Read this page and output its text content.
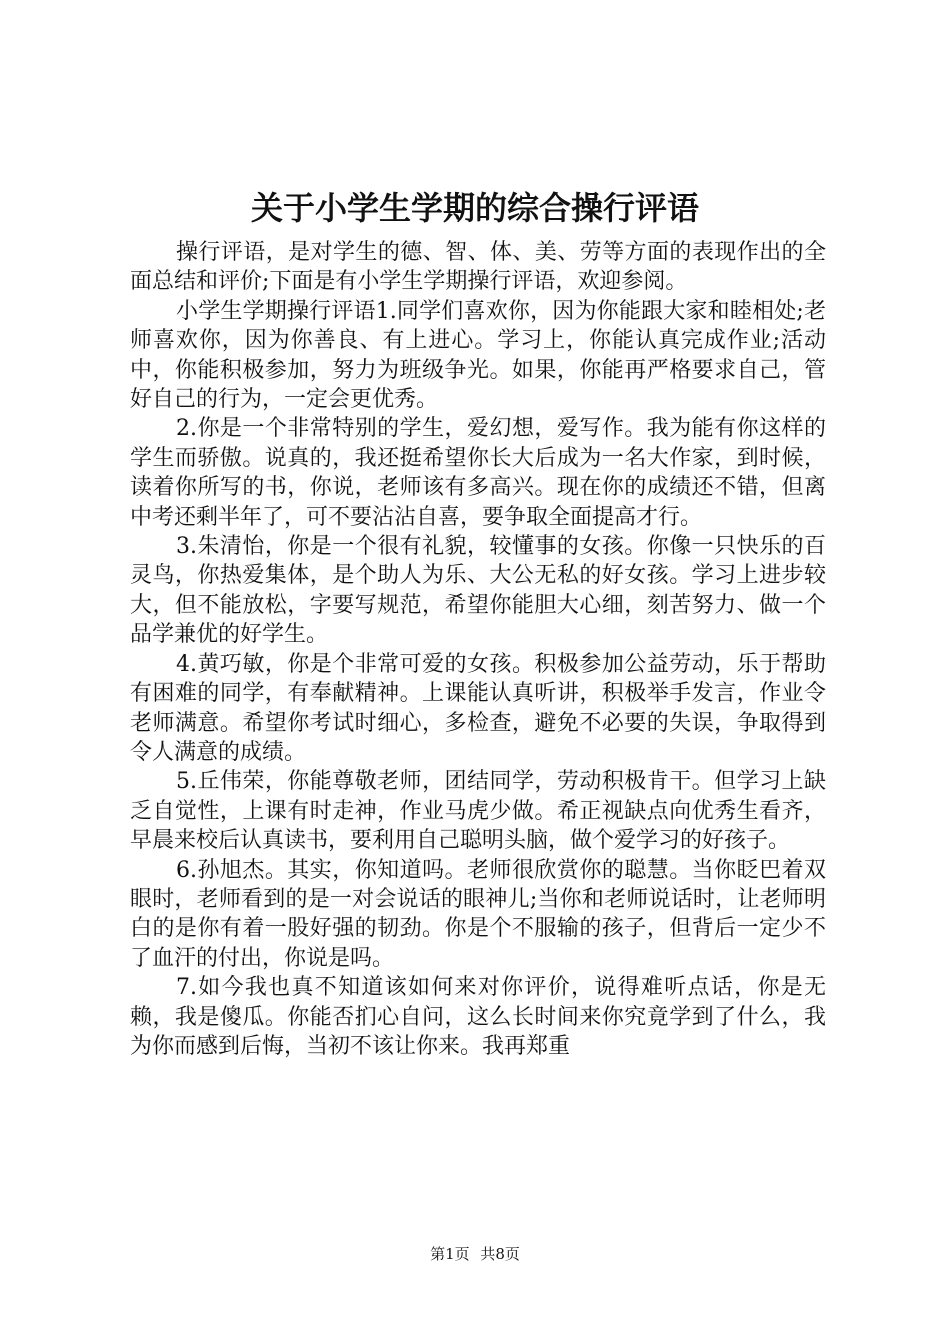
关于小学生学期的综合操行评语

操行评语，是对学生的德、智、体、美、劳等方面的表现作出的全面总结和评价;下面是有小学生学期操行评语，欢迎参阅。

小学生学期操行评语1.同学们喜欢你，因为你能跟大家和睦相处;老师喜欢你，因为你善良、有上进心。学习上，你能认真完成作业;活动中，你能积极参加，努力为班级争光。如果，你能再严格要求自己，管好自己的行为，一定会更优秀。

2.你是一个非常特别的学生，爱幻想，爱写作。我为能有你这样的学生而骄傲。说真的，我还挺希望你长大后成为一名大作家，到时候，读着你所写的书，你说，老师该有多高兴。现在你的成绩还不错，但离中考还剩半年了，可不要沾沾自喜，要争取全面提高才行。

3.朱清怡，你是一个很有礼貌，较懂事的女孩。你像一只快乐的百灵鸟，你热爱集体，是个助人为乐、大公无私的好女孩。学习上进步较大，但不能放松，字要写规范，希望你能胆大心细，刻苦努力、做一个品学兼优的好学生。

4.黄巧敏，你是个非常可爱的女孩。积极参加公益劳动，乐于帮助有困难的同学，有奉献精神。上课能认真听讲，积极举手发言，作业令老师满意。希望你考试时细心，多检查，避免不必要的失误，争取得到令人满意的成绩。

5.丘伟荣，你能尊敬老师，团结同学，劳动积极肯干。但学习上缺乏自觉性，上课有时走神，作业马虎少做。希正视缺点向优秀生看齐，早晨来校后认真读书，要利用自己聪明头脑，做个爱学习的好孩子。

6.孙旭杰。其实，你知道吗。老师很欣赏你的聪慧。当你眨巴着双眼时，老师看到的是一对会说话的眼神儿;当你和老师说话时，让老师明白的是你有着一股好强的韧劲。你是个不服输的孩子，但背后一定少不了血汗的付出，你说是吗。

7.如今我也真不知道该如何来对你评价，说得难听点话，你是无赖，我是傻瓜。你能否扪心自问，这么长时间来你究竟学到了什么，我为你而感到后悔，当初不该让你来。我再郑重

第1页 共8页
